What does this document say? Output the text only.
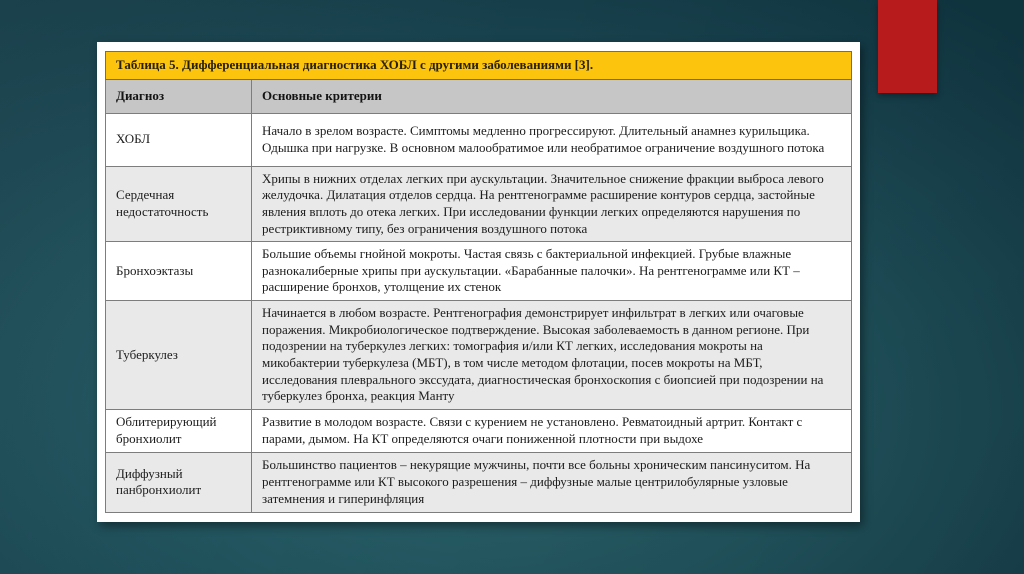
Таблица 5. Дифференциальная диагностика ХОБЛ с другими заболеваниями [3].	
Диагноз	Основные критерии
ХОБЛ	Начало в зрелом возрасте. Симптомы медленно прогрессируют. Длительный анамнез курильщика. Одышка при нагрузке. В основном малообратимое или необратимое ограничение воздушного потока
Сердечная недостаточность	Хрипы в нижних отделах легких при аускультации. Значительное снижение фракции выброса левого желудочка. Дилатация отделов сердца. На рентгенограмме расширение контуров сердца, застойные явления вплоть до отека легких. При исследовании функции легких определяются нарушения по рестриктивному типу, без ограничения воздушного потока
Бронхоэктазы	Большие объемы гнойной мокроты. Частая связь с бактериальной инфекцией. Грубые влажные разнокалиберные хрипы при аускультации. «Барабанные палочки». На рентгенограмме или КТ – расширение бронхов, утолщение их стенок
Туберкулез	Начинается в любом возрасте. Рентгенография демонстрирует инфильтрат в легких или очаговые поражения. Микробиологическое подтверждение. Высокая заболеваемость в данном регионе. При подозрении на туберкулез легких: томография и/или КТ легких, исследования мокроты на микобактерии туберкулеза (МБТ), в том числе методом флотации, посев мокроты на МБТ, исследования плеврального экссудата, диагностическая бронхоскопия с биопсией при подозрении на туберкулез бронха, реакция Манту
Облитерирующий бронхиолит	Развитие в молодом возрасте. Связи с курением не установлено. Ревматоидный артрит. Контакт с парами, дымом. На КТ определяются очаги пониженной плотности при выдохе
Диффузный панбронхиолит	Большинство пациентов – некурящие мужчины, почти все больны хроническим пансинуситом. На рентгенограмме или КТ высокого разрешения – диффузные малые центрилобулярные узловые затемнения и гиперинфляция
